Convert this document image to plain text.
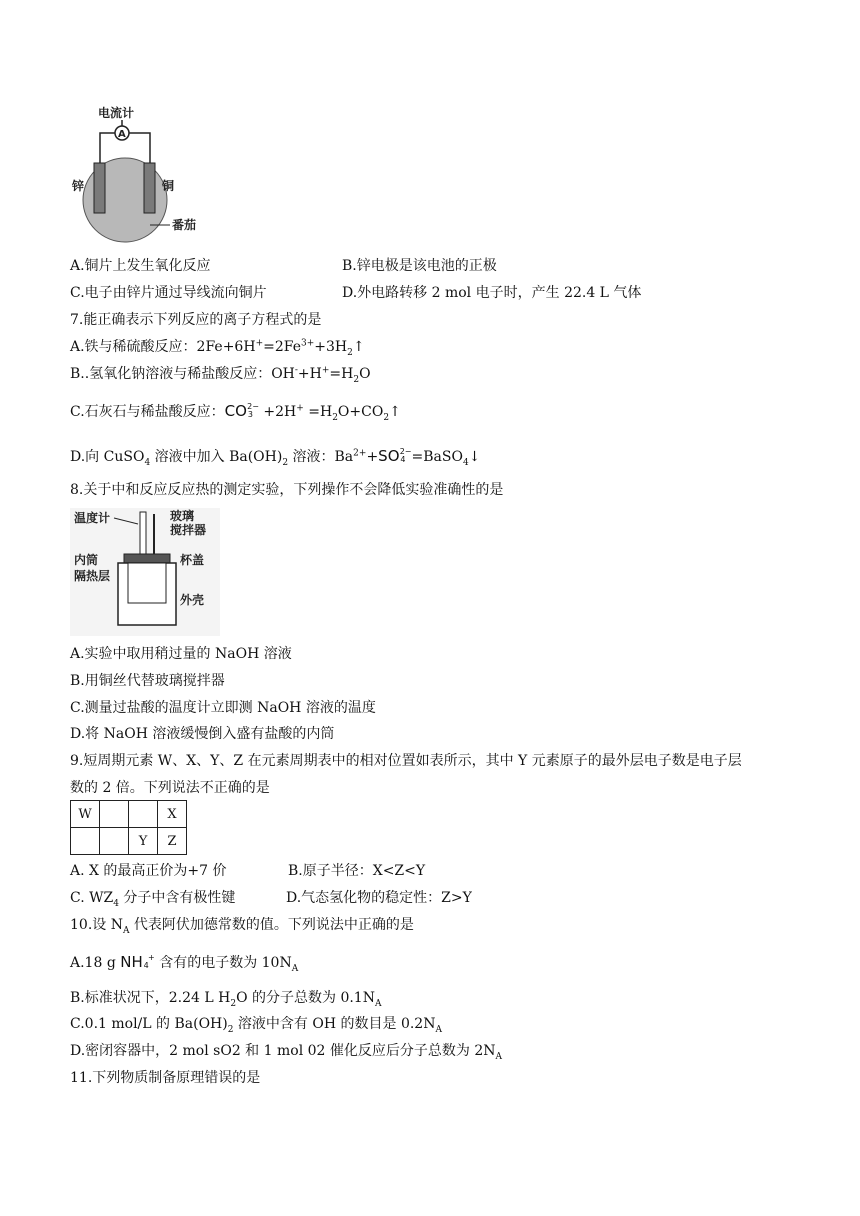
电流计
A
锌	铜
番茄
A.铜片上发生氧化反应	B.锌电极是该电池的正极
C.电子由锌片通过导线流向铜片	D.外电路转移 2 mol 电子时，产生 22.4 L 气体
7.能正确表示下列反应的离子方程式的是
A.铁与稀硫酸反应：$2Fe+6H^+=2Fe^{3+}+3H_2↑$
B..氢氧化钠溶液与稀盐酸反应：$OH^-+H^+=H_2O$
C.石灰石与稀盐酸反应：CO 2−
$3 +2H^+ =H_2O+CO_2↑$
D.向 CuSO$_4$ 溶液中加入 $Ba(OH)_2$ 溶液：$Ba^{2+}+SO$ 2−
4 =BaSO$_4$↓
8.关于中和反应反应热的测定实验，下列操作不会降低实验准确性的是
温度计	玻璃
搅拌器
杯盖
内筒
隔热层
外壳
A.实验中取用稍过量的 NaOH 溶液
B.用铜丝代替玻璃搅拌器
C.测量过盐酸的温度计立即测 NaOH 溶液的温度
D.将 NaOH 溶液缓慢倒入盛有盐酸的内筒
9.短周期元素 W、X、Y、Z 在元素周期表中的相对位置如表所示，其中 Y 元素原子的最外层电子数是电子层
数的 2 倍。下列说法不正确的是
W			X
		Y	Z
A. X 的最高正价为+7 价	B.原子半径：X<Z<Y
C. $WZ_4$ 分子中含有极性键	D.气态氢化物的稳定性：Z>Y
10.设 $N_A$ 代表阿伏加德常数的值。下列说法中正确的是
A.18 g NH +
4 含有的电子数为 $10N_A$
B.标准状况下，2.24 L $H_2O$ 的分子总数为 $0.1N_A$
C.0.1 mol/L 的 $Ba(OH)_2$ 溶液中含有 OH 的数目是 $0.2N_A$
D.密闭容器中，2 mol sO2 和 1 mol 02 催化反应后分子总数为 $2N_A$
11.下列物质制备原理错误的是
